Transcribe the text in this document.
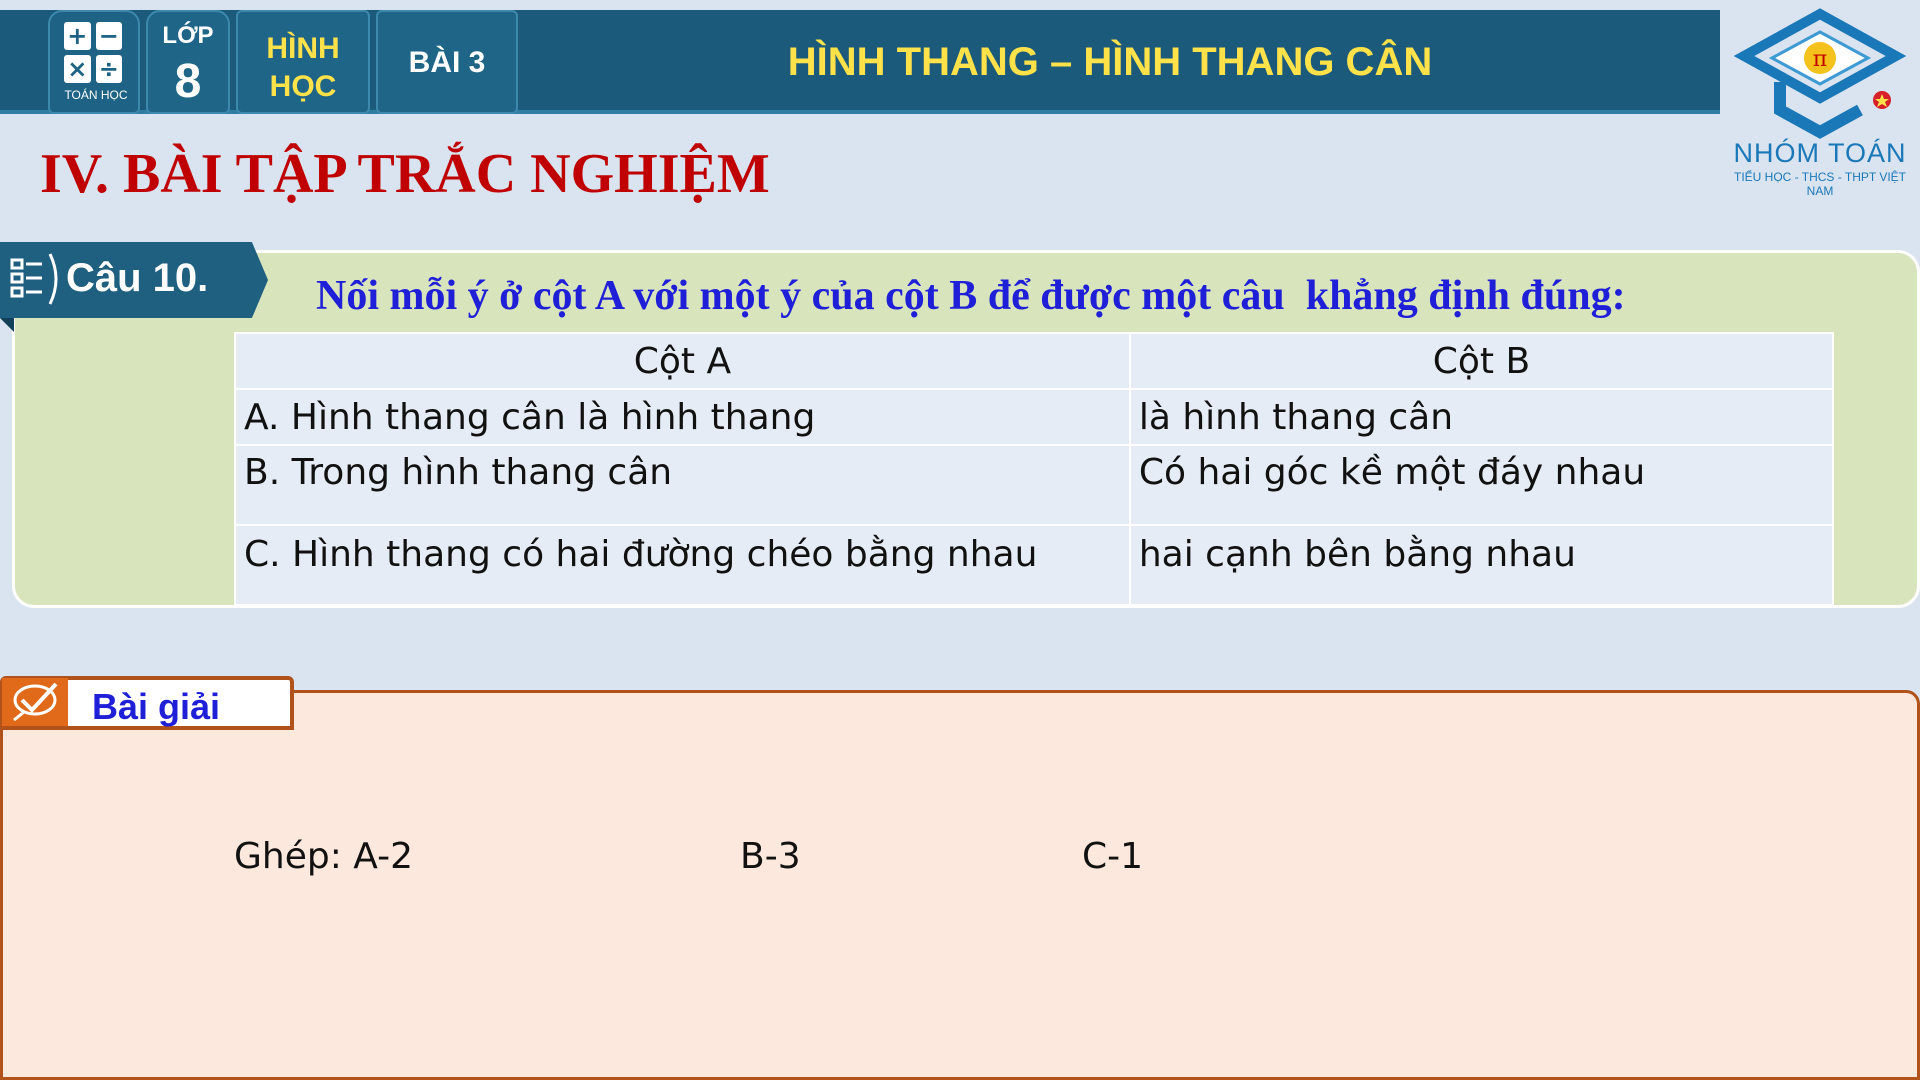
+ −
× ÷
TOÁN HỌC
LỚP
8
HÌNH
HỌC
BÀI 3	HÌNH THANG – HÌNH THANG CÂN	π
NHÓM TOÁN
TIỂU HỌC - THCS - THPT VIỆT NAM
IV. BÀI TẬP TRẮC NGHIỆM
Câu 10.	Nối mỗi ý ở cột A với một ý của cột B để được một câu  khẳng định đúng:
Cột A	Cột B
A. Hình thang cân là hình thang	là hình thang cân
B. Trong hình thang cân	Có hai góc kề một đáy nhau
C. Hình thang có hai đường chéo bằng nhau	hai cạnh bên bằng nhau
Bài giải
Ghép: A-2	B-3	C-1
